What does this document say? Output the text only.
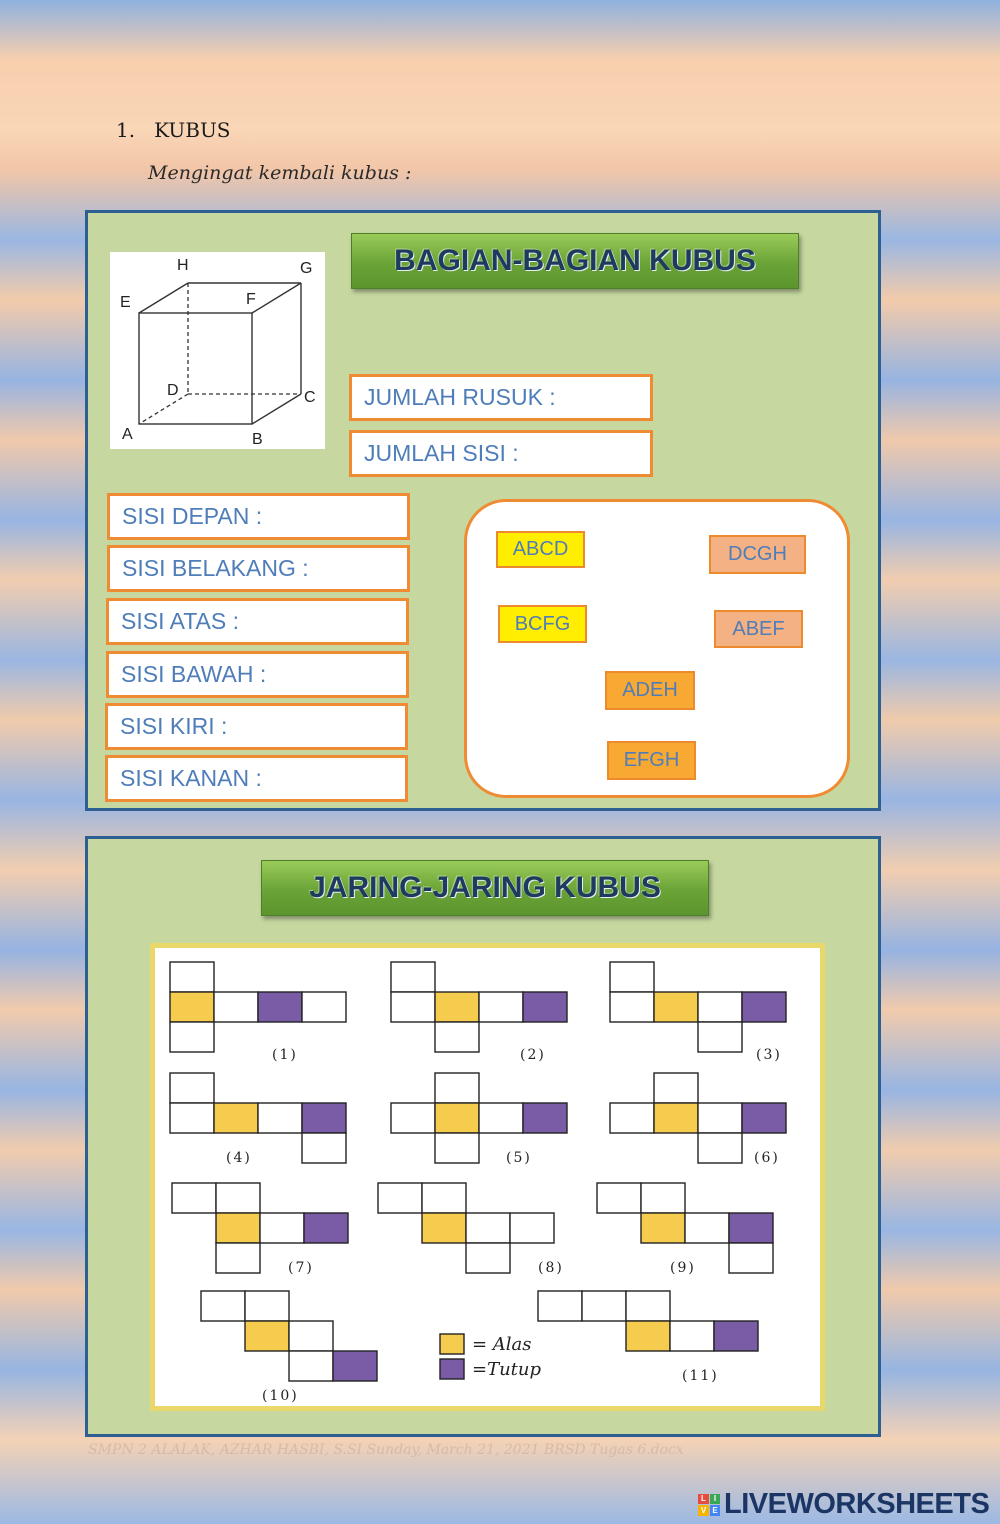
1. KUBUS
Mengingat kembali kubus :
A	B
C
D
E	F
G
H	BAGIAN-BAGIAN KUBUS
JUMLAH RUSUK :
JUMLAH SISI :
SISI DEPAN :
SISI BELAKANG :
SISI ATAS :
SISI BAWAH :
SISI KIRI :
SISI KANAN :
ABCD	DCGH
BCFG	ABEF
ADEH
EFGH
JARING-JARING KUBUS
(1)	(2)	(3)
(4)	(5)	(6)
(7)	(8)	(9)
(10)
(11)
= Alas
=Tutup
SMPN 2 ALALAK, AZHAR HASBI, S.SI Sunday, March 21, 2021 BRSD Tugas 6.docx
L	I
V E LIVEWORKSHEETS
